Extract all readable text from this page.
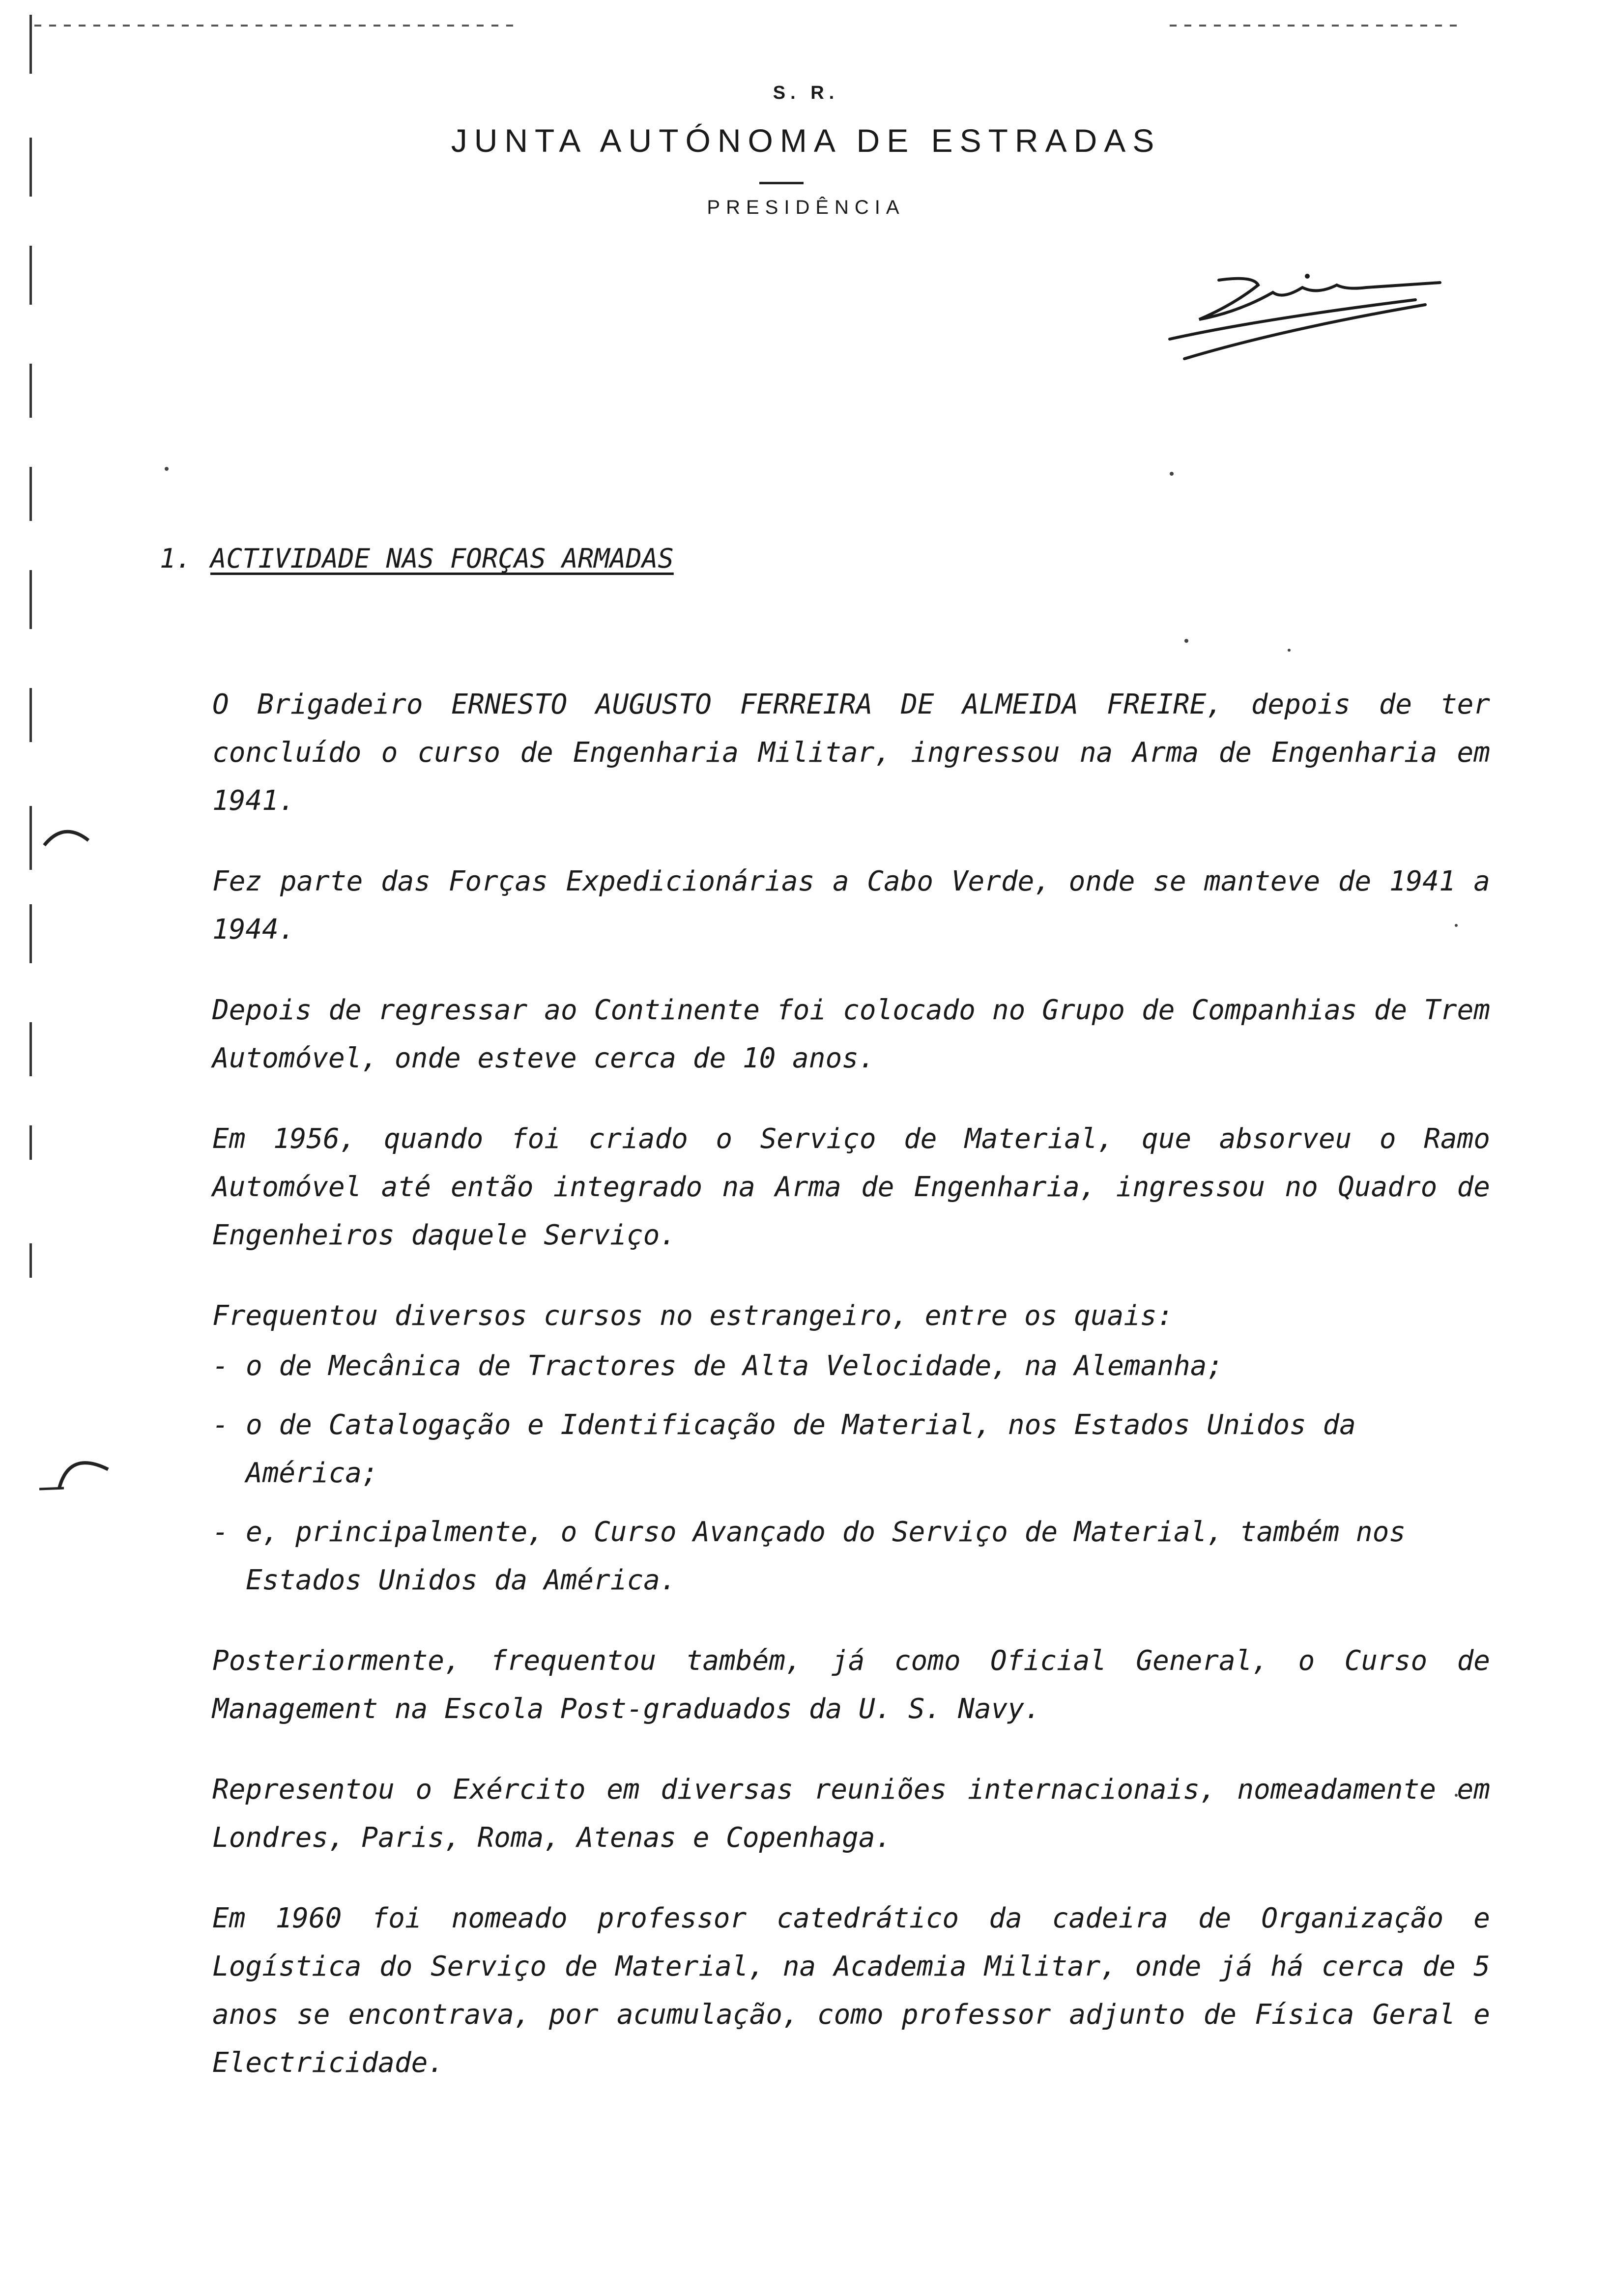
S. R.
JUNTA AUTÓNOMA DE ESTRADAS
PRESIDÊNCIA
1. ACTIVIDADE NAS FORÇAS ARMADAS

O Brigadeiro ERNESTO AUGUSTO FERREIRA DE ALMEIDA FREIRE, depois de ter concluído o curso de Engenharia Militar, ingressou na Arma de Engenharia em 1941.

Fez parte das Forças Expedicionárias a Cabo Verde, onde se manteve de 1941 a 1944.

Depois de regressar ao Continente foi colocado no Grupo de Companhias de Trem Automóvel, onde esteve cerca de 10 anos.

Em 1956, quando foi criado o Serviço de Material, que absorveu o Ramo Automóvel até então integrado na Arma de Engenharia, ingressou no Quadro de Engenheiros daquele Serviço.

Frequentou diversos cursos no estrangeiro, entre os quais:

- o de Mecânica de Tractores de Alta Velocidade, na Alemanha;
- o de Catalogação e Identificação de Material, nos Estados Unidos da América;
- e, principalmente, o Curso Avançado do Serviço de Material, também nos Estados Unidos da América.

Posteriormente, frequentou também, já como Oficial General, o Curso de Management na Escola Post-graduados da U. S. Navy.

Representou o Exército em diversas reuniões internacionais, nomeadamente em Londres, Paris, Roma, Atenas e Copenhaga.

Em 1960 foi nomeado professor catedrático da cadeira de Organização e Logística do Serviço de Material, na Academia Militar, onde já há cerca de 5 anos se encontrava, por acumulação, como professor adjunto de Física Geral e Electricidade.
